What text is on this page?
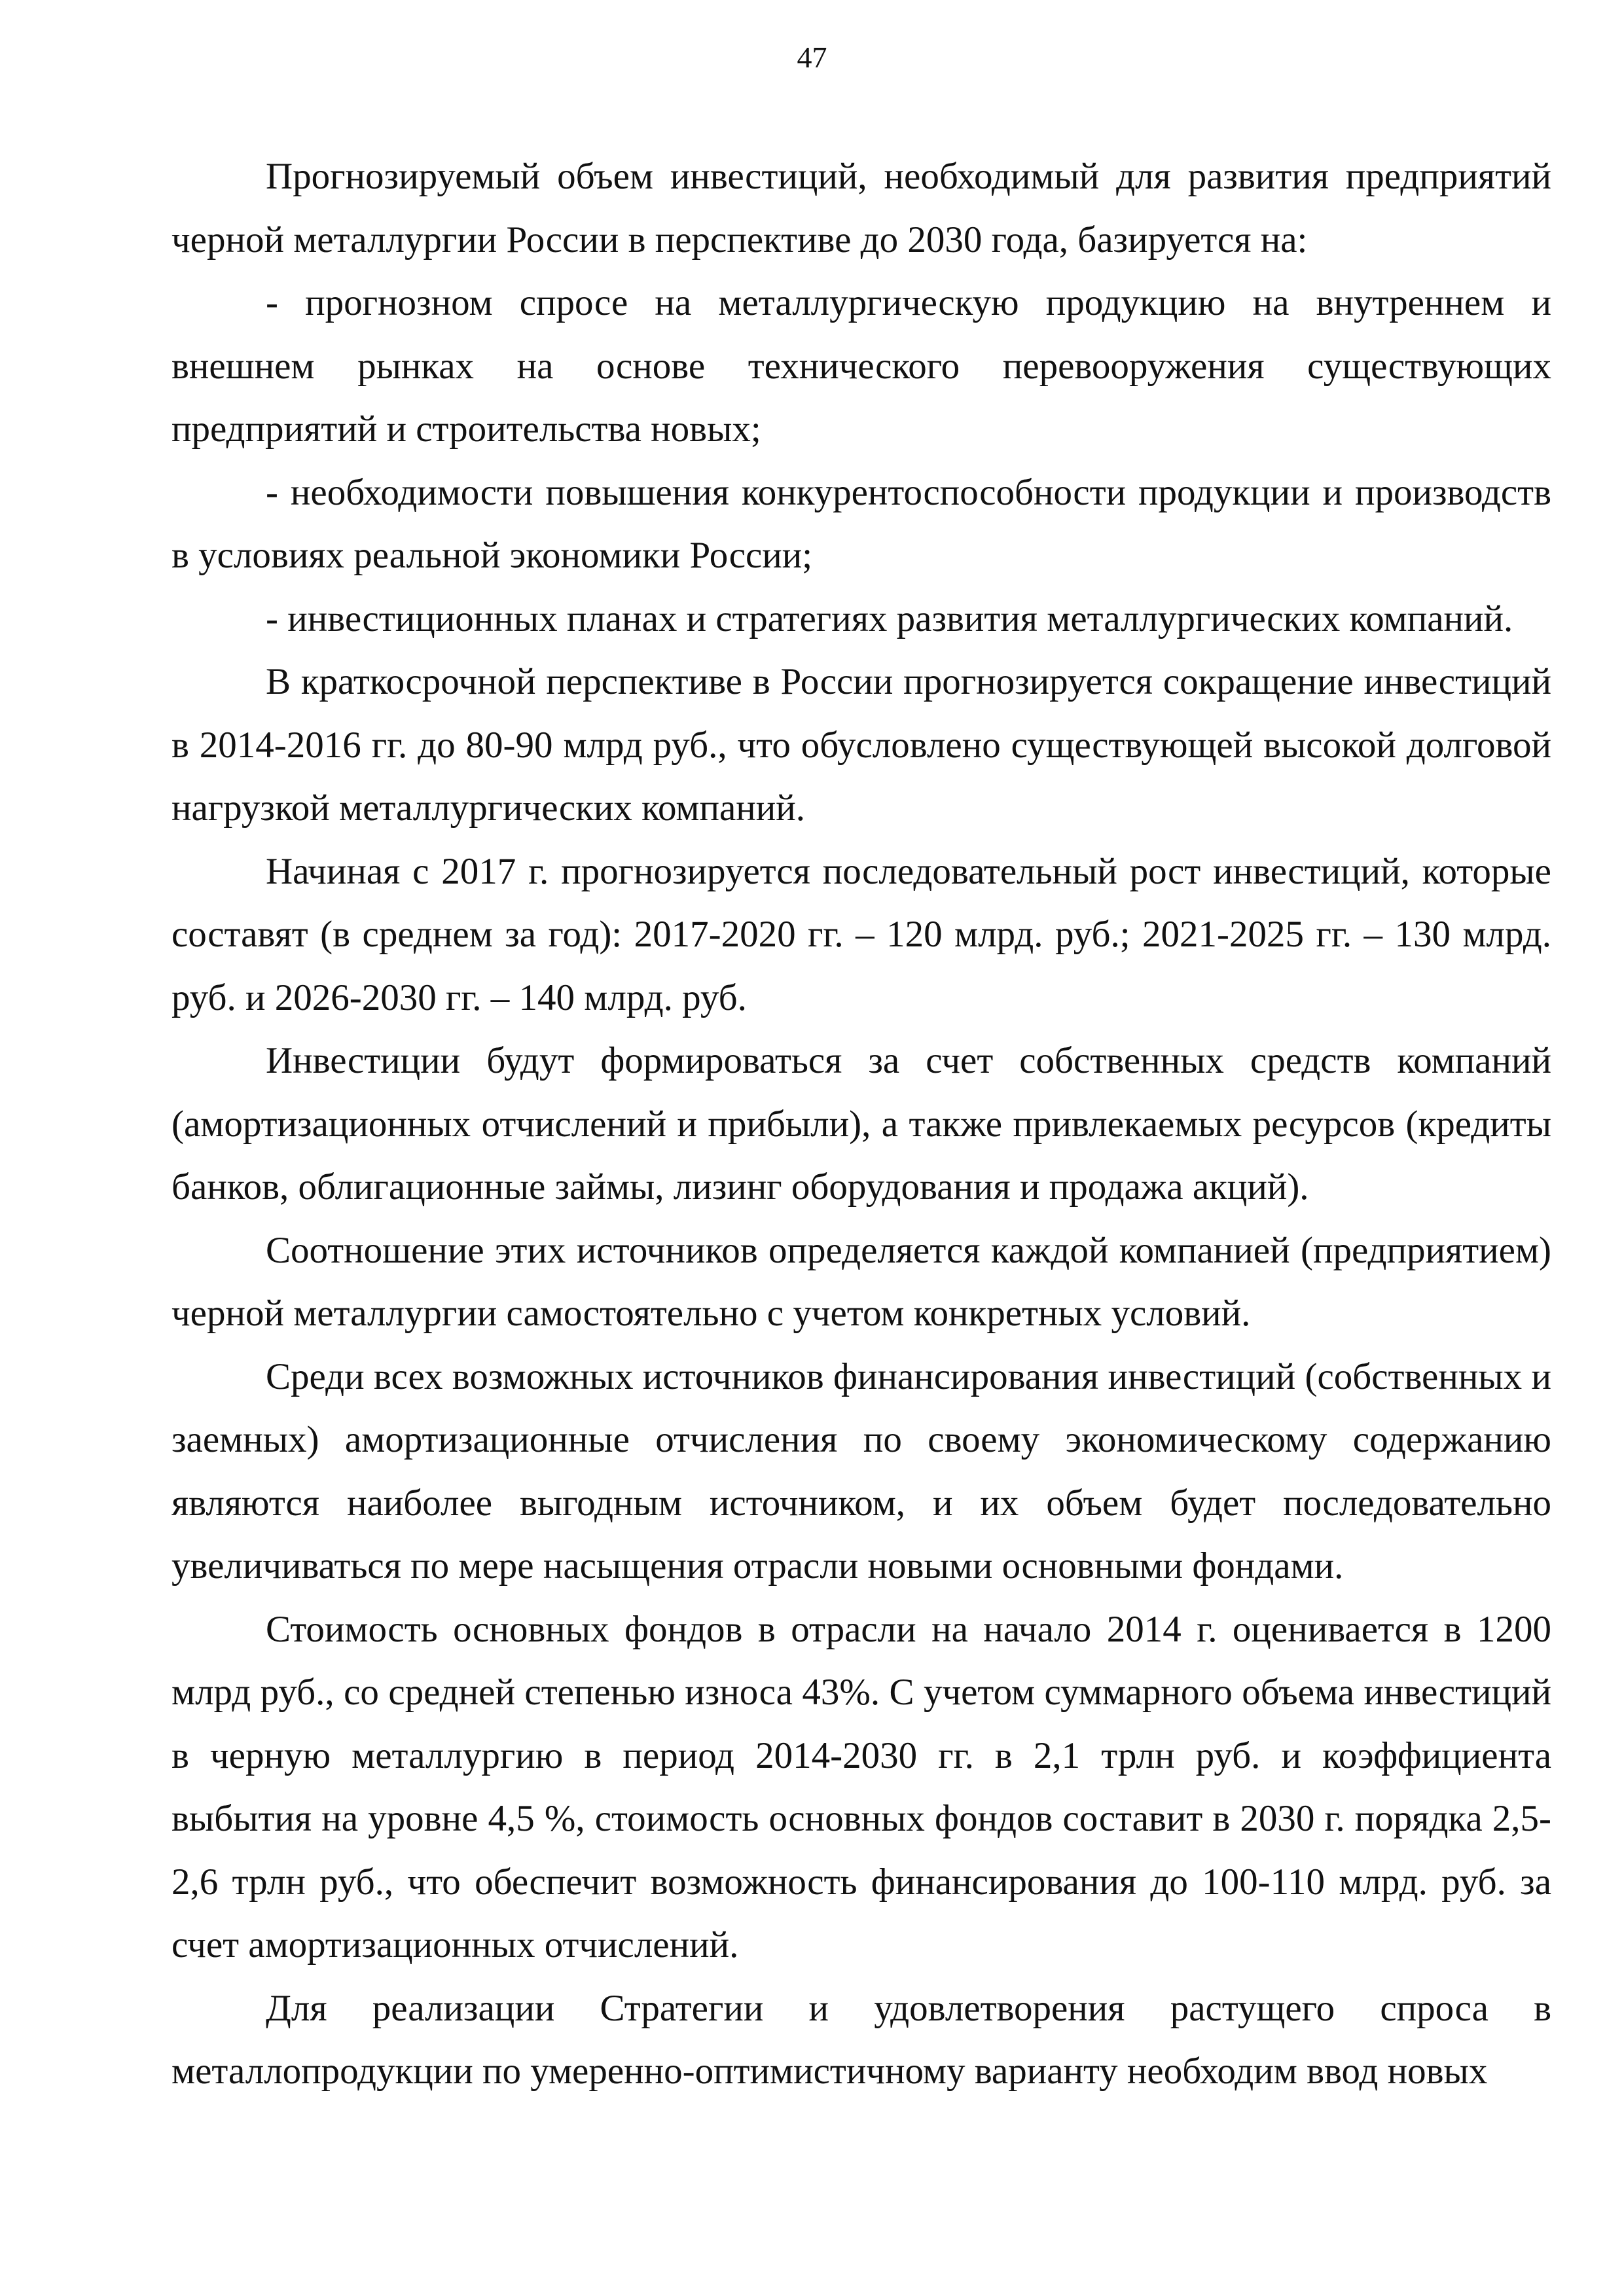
47

Прогнозируемый объем инвестиций, необходимый для развития предприятий черной металлургии России в перспективе до 2030 года, базируется на:

- прогнозном спросе на металлургическую продукцию на внутреннем и внешнем рынках на основе технического перевооружения существующих предприятий и строительства новых;

- необходимости повышения конкурентоспособности продукции и производств в условиях реальной экономики России;

- инвестиционных планах и стратегиях развития металлургических компаний.

В краткосрочной перспективе в России прогнозируется сокращение инвестиций в 2014-2016 гг. до 80-90 млрд руб., что обусловлено существующей высокой долговой нагрузкой металлургических компаний.

Начиная с 2017 г. прогнозируется последовательный рост инвестиций, которые составят (в среднем за год): 2017-2020 гг. – 120 млрд. руб.; 2021-2025 гг. – 130 млрд. руб. и 2026-2030 гг. – 140 млрд. руб.

Инвестиции будут формироваться за счет собственных средств компаний (амортизационных отчислений и прибыли), а также привлекаемых ресурсов (кредиты банков, облигационные займы, лизинг оборудования и продажа акций).

Соотношение этих источников определяется каждой компанией (предприятием) черной металлургии самостоятельно с учетом конкретных условий.

Среди всех возможных источников финансирования инвестиций (собственных и заемных) амортизационные отчисления по своему экономическому содержанию являются наиболее выгодным источником, и их объем будет последовательно увеличиваться по мере насыщения отрасли новыми основными фондами.

Стоимость основных фондов в отрасли на начало 2014 г. оценивается в 1200 млрд руб., со средней степенью износа 43%. С учетом суммарного объема инвестиций в черную металлургию в период 2014-2030 гг. в 2,1 трлн руб. и коэффициента выбытия на уровне 4,5 %, стоимость основных фондов составит в 2030 г. порядка 2,5-2,6 трлн руб., что обеспечит возможность финансирования до 100-110 млрд. руб. за счет амортизационных отчислений.

Для реализации Стратегии и удовлетворения растущего спроса в металлопродукции по умеренно-оптимистичному варианту необходим ввод новых
